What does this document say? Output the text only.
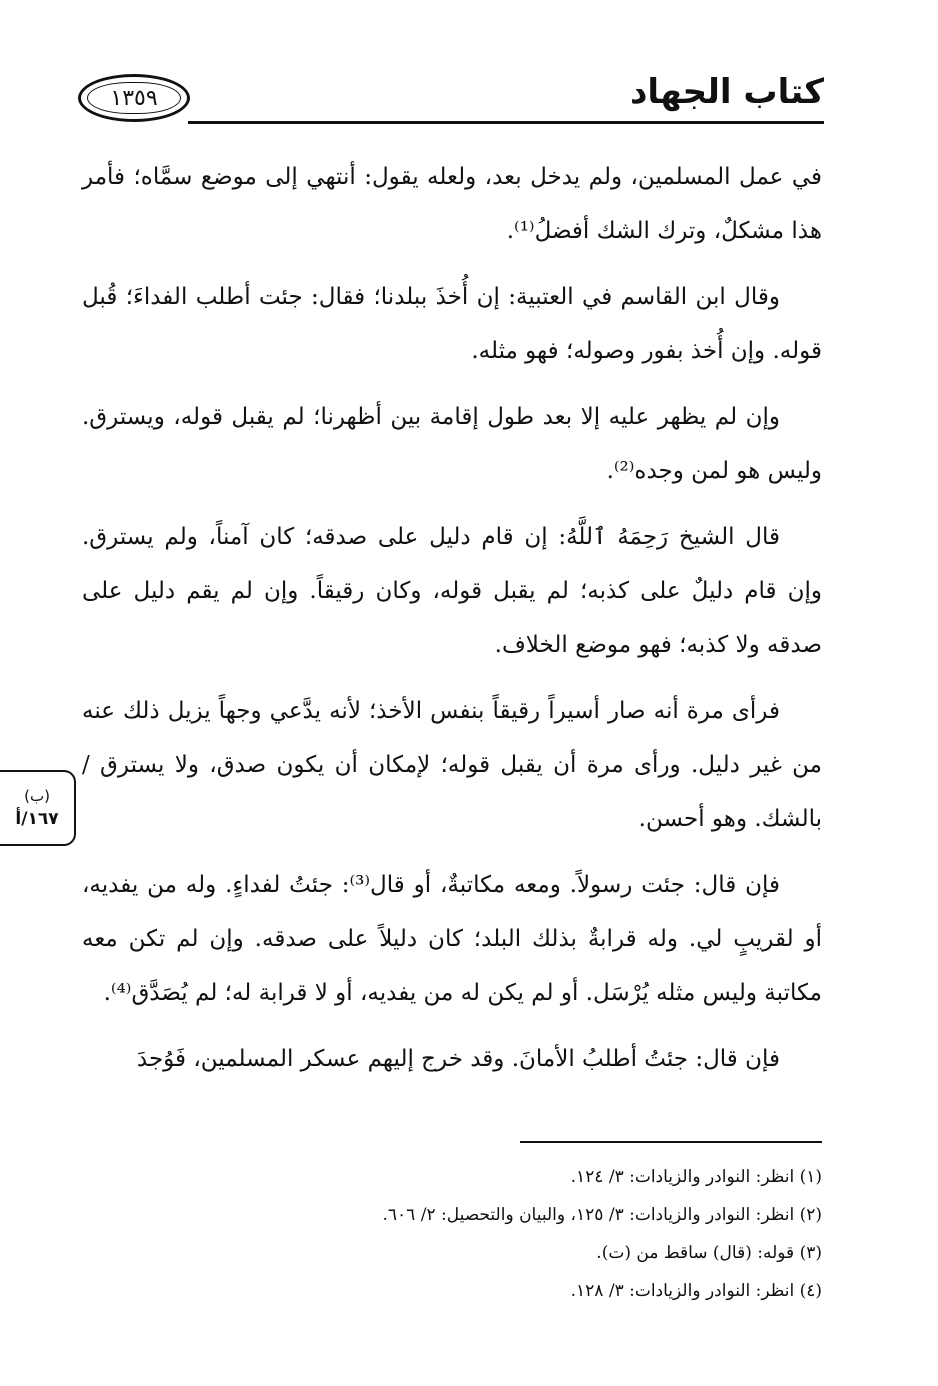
كتاب الجهاد
١٣٥٩

في عمل المسلمين، ولم يدخل بعد، ولعله يقول: أنتهي إلى موضع سمَّاه؛ فأمر هذا مشكلٌ، وترك الشك أفضلُ⁽¹⁾.

وقال ابن القاسم في العتبية: إن أُخذَ ببلدنا؛ فقال: جئت أطلب الفداءَ؛ قُبل قوله. وإن أُخذ بفور وصوله؛ فهو مثله.

وإن لم يظهر عليه إلا بعد طول إقامة بين أظهرنا؛ لم يقبل قوله، ويسترق. وليس هو لمن وجده⁽²⁾.

قال الشيخ رَحِمَهُ ٱللَّهُ: إن قام دليل على صدقه؛ كان آمناً، ولم يسترق. وإن قام دليلٌ على كذبه؛ لم يقبل قوله، وكان رقيقاً. وإن لم يقم دليل على صدقه ولا كذبه؛ فهو موضع الخلاف.

فرأى مرة أنه صار أسيراً رقيقاً بنفس الأخذ؛ لأنه يدَّعي وجهاً يزيل ذلك عنه من غير دليل. ورأى مرة أن يقبل قوله؛ لإمكان أن يكون صدق، ولا يسترق / بالشك. وهو أحسن.

فإن قال: جئت رسولاً. ومعه مكاتبةٌ، أو قال⁽³⁾: جئتُ لفداءٍ. وله من يفديه، أو لقريبٍ لي. وله قرابةٌ بذلك البلد؛ كان دليلاً على صدقه. وإن لم تكن معه مكاتبة وليس مثله يُرْسَل. أو لم يكن له من يفديه، أو لا قرابة له؛ لم يُصَدَّق⁽⁴⁾.

فإن قال: جئتُ أطلبُ الأمانَ. وقد خرج إليهم عسكر المسلمين، فَوُجدَ

(ب)
١٦٧/أ

(١) انظر: النوادر والزيادات: ٣/ ١٢٤.

(٢) انظر: النوادر والزيادات: ٣/ ١٢٥، والبيان والتحصيل: ٢/ ٦٠٦.

(٣) قوله: (قال) ساقط من (ت).

(٤) انظر: النوادر والزيادات: ٣/ ١٢٨.
